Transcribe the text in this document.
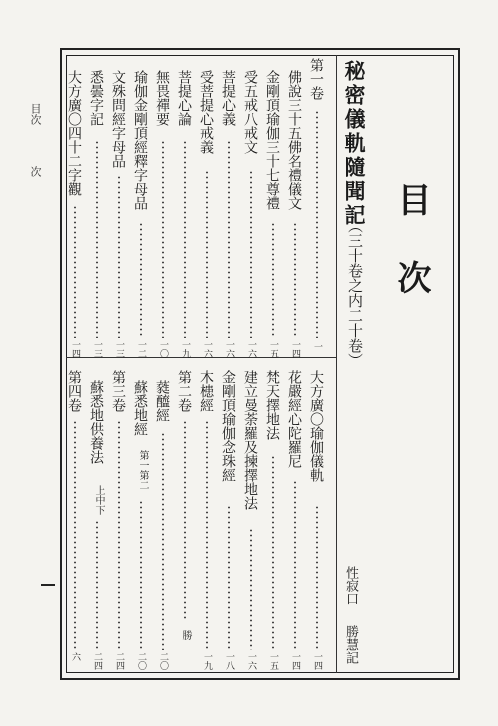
目次
次
目次
秘密儀軌隨聞記
（三十卷之内二十卷）
性寂口
勝慧記
第一卷
一
佛說三十五佛名禮儀文
一四
金剛頂瑜伽三十七尊禮
一五
受五戒八戒文
一六
菩提心義
一六
受菩提心戒義
一六
菩提心論
一九
無畏禪要
一〇
瑜伽金剛頂經釋字母品
一二
文殊問經字母品
一三
悉曇字記
一三
大方廣〇四十二字觀
一四
大方廣〇瑜伽儀軌
一四
花嚴經心陀羅尼
一四
梵天擇地法
一五
建立曼荼羅及揀擇地法
一六
金剛頂瑜伽念珠經
一八
木槵經
一九
第二卷
勝
蕤醯經
二〇
蘇悉地經
第一第二
二〇
第三卷
二四
蘇悉地供養法
上中下
二四
第四卷
六
